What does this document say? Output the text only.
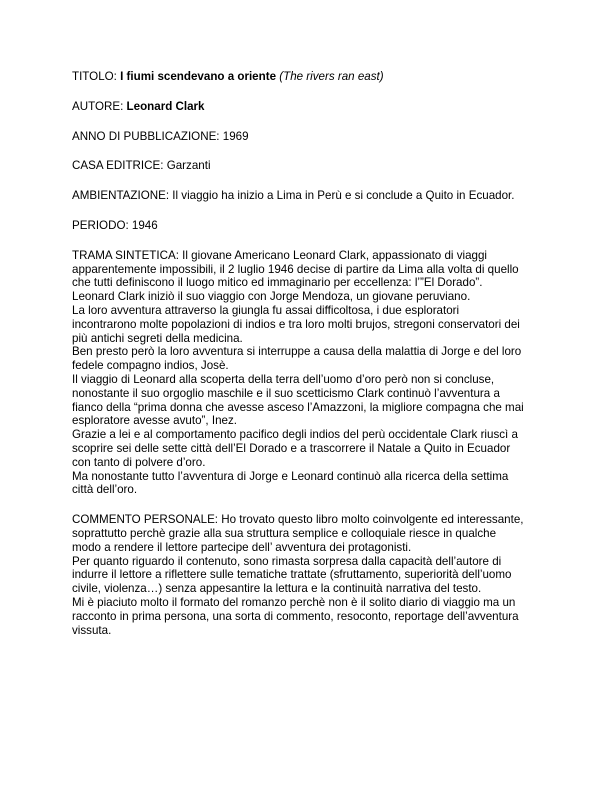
TITOLO: I fiumi scendevano a oriente (The rivers ran east)

AUTORE: Leonard Clark

ANNO DI PUBBLICAZIONE: 1969

CASA EDITRICE: Garzanti

AMBIENTAZIONE: Il viaggio ha inizio a Lima in Perù e si conclude a Quito in Ecuador.

PERIODO: 1946

TRAMA SINTETICA: Il giovane Americano Leonard Clark, appassionato di viaggi
apparentemente impossibili, il 2 luglio 1946 decise di partire da Lima alla volta di quello
che tutti definiscono il luogo mitico ed immaginario per eccellenza: l’”El Dorado”.
Leonard Clark iniziò il suo viaggio con Jorge Mendoza, un giovane peruviano.
La loro avventura attraverso la giungla fu assai difficoltosa, i due esploratori
incontrarono molte popolazioni di indios e tra loro molti brujos, stregoni conservatori dei
più antichi segreti della medicina.
Ben presto però la loro avventura si interruppe a causa della malattia di Jorge e del loro
fedele compagno indios, Josè.
Il viaggio di Leonard alla scoperta della terra dell’uomo d’oro però non si concluse,
nonostante il suo orgoglio maschile e il suo scetticismo Clark continuò l’avventura a
fianco della “prima donna che avesse asceso l’Amazzoni, la migliore compagna che mai
esploratore avesse avuto”, Inez.
Grazie a lei e al comportamento pacifico degli indios del perù occidentale Clark riuscì a
scoprire sei delle sette città dell’El Dorado e a trascorrere il Natale a Quito in Ecuador
con tanto di polvere d’oro.
Ma nonostante tutto l’avventura di Jorge e Leonard continuò alla ricerca della settima
città dell’oro.

COMMENTO PERSONALE: Ho trovato questo libro molto coinvolgente ed interessante,
soprattutto perchè grazie alla sua struttura semplice e colloquiale riesce in qualche
modo a rendere il lettore partecipe dell’ avventura dei protagonisti.
Per quanto riguardo il contenuto, sono rimasta sorpresa dalla capacità dell’autore di
indurre il lettore a riflettere sulle tematiche trattate (sfruttamento, superiorità dell’uomo
civile, violenza…) senza appesantire la lettura e la continuità narrativa del testo.
Mi è piaciuto molto il formato del romanzo perchè non è il solito diario di viaggio ma un
racconto in prima persona, una sorta di commento, resoconto, reportage dell’avventura
vissuta.
